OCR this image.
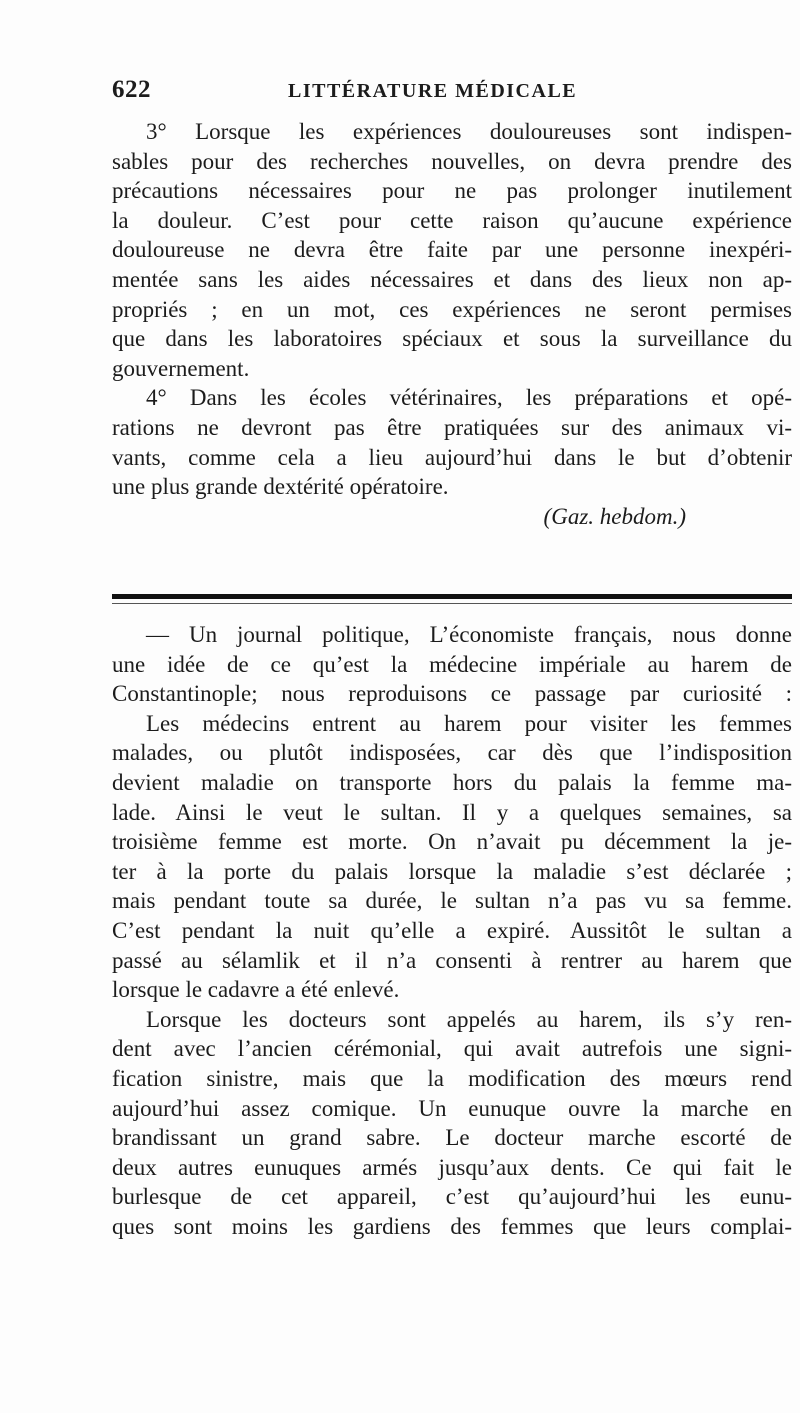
622	LITTÉRATURE MÉDICALE
3° Lorsque les expériences douloureuses sont indispen-
sables pour des recherches nouvelles, on devra prendre des
précautions nécessaires pour ne pas prolonger inutilement
la douleur. C’est pour cette raison qu’aucune expérience
douloureuse ne devra être faite par une personne inexpéri-
mentée sans les aides nécessaires et dans des lieux non ap-
propriés ; en un mot, ces expériences ne seront permises
que dans les laboratoires spéciaux et sous la surveillance du
gouvernement.
4° Dans les écoles vétérinaires, les préparations et opé-
rations ne devront pas être pratiquées sur des animaux vi-
vants, comme cela a lieu aujourd’hui dans le but d’obtenir
une plus grande dextérité opératoire.
(Gaz. hebdom.)
— Un journal politique, L’économiste français, nous donne
une idée de ce qu’est la médecine impériale au harem de
Constantinople; nous reproduisons ce passage par curiosité :
Les médecins entrent au harem pour visiter les femmes
malades, ou plutôt indisposées, car dès que l’indisposition
devient maladie on transporte hors du palais la femme ma-
lade. Ainsi le veut le sultan. Il y a quelques semaines, sa
troisième femme est morte. On n’avait pu décemment la je-
ter à la porte du palais lorsque la maladie s’est déclarée ;
mais pendant toute sa durée, le sultan n’a pas vu sa femme.
C’est pendant la nuit qu’elle a expiré. Aussitôt le sultan a
passé au sélamlik et il n’a consenti à rentrer au harem que
lorsque le cadavre a été enlevé.
Lorsque les docteurs sont appelés au harem, ils s’y ren-
dent avec l’ancien cérémonial, qui avait autrefois une signi-
fication sinistre, mais que la modification des mœurs rend
aujourd’hui assez comique. Un eunuque ouvre la marche en
brandissant un grand sabre. Le docteur marche escorté de
deux autres eunuques armés jusqu’aux dents. Ce qui fait le
burlesque de cet appareil, c’est qu’aujourd’hui les eunu-
ques sont moins les gardiens des femmes que leurs complai-
